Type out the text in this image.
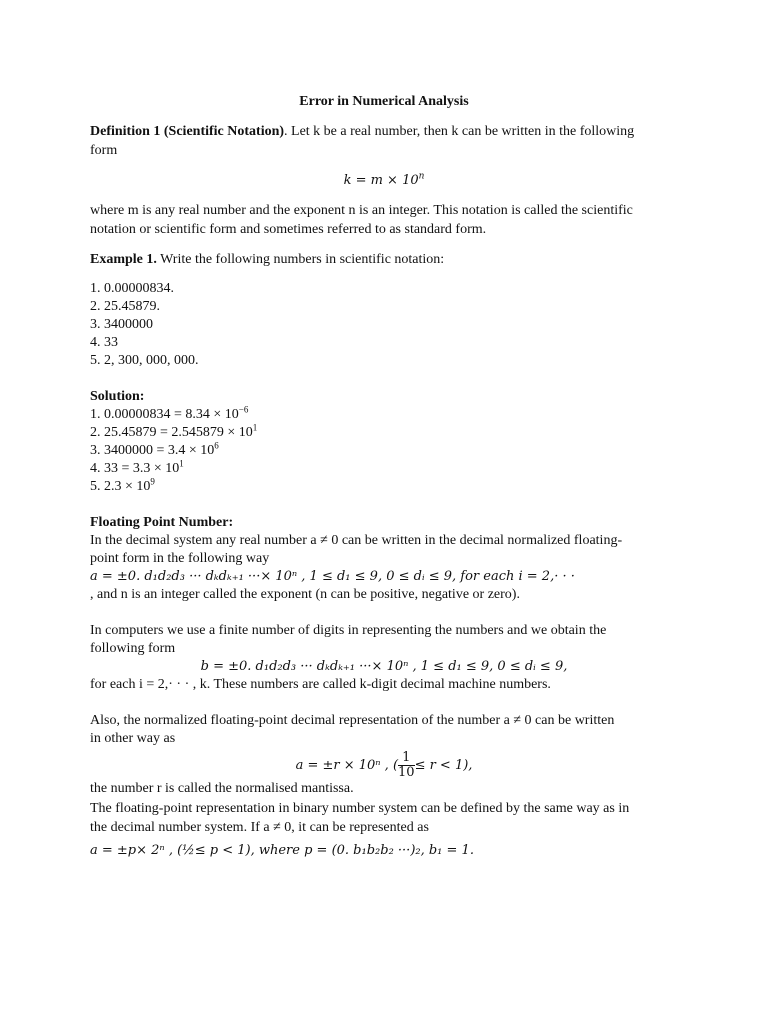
Error in Numerical Analysis
Definition 1 (Scientific Notation). Let k be a real number, then k can be written in the following
form
$k = m \times 10^n$
where m is any real number and the exponent n is an integer. This notation is called the scientific
notation or scientific form and sometimes referred to as standard form.
Example 1. Write the following numbers in scientific notation:
1. 0.00000834.
2. 25.45879.
3. 3400000
4. 33
5. 2, 300, 000, 000.
Solution:
1. $0.00000834 = 8.34 \times 10^{-6}$
2. $25.45879 = 2.545879 \times 10^1$
3. $3400000 = 3.4 \times 10^6$
4. $33 = 3.3 \times 10^1$
5. $2.3 \times 10^9$
Floating Point Number:
In the decimal system any real number a ≠ 0 can be written in the decimal normalized floating-
point form in the following way
a = ±0. d₁d₂d₃ ··· dₖdₖ₊₁ ···× 10ⁿ , 1 ≤ d₁ ≤ 9, 0 ≤ dᵢ ≤ 9, for each i = 2,· · ·
, and n is an integer called the exponent (n can be positive, negative or zero).
In computers we use a finite number of digits in representing the numbers and we obtain the
following form
b = ±0. d₁d₂d₃ ··· dₖdₖ₊₁ ···× 10ⁿ , 1 ≤ d₁ ≤ 9, 0 ≤ dᵢ ≤ 9,
for each i = 2,· · · , k. These numbers are called k-digit decimal machine numbers.
Also, the normalized floating-point decimal representation of the number a ≠ 0 can be written
in other way as
a = ±r × 10ⁿ , ( $\frac{1}{10} \le r < 1$),
the number r is called the normalised mantissa.
The floating-point representation in binary number system can be defined by the same way as in
the decimal number system. If a ≠ 0, it can be represented as
a = ±p× 2ⁿ , (½≤ p < 1), where p = (0. b₁b₂b₂ ···)₂, b₁ = 1.
